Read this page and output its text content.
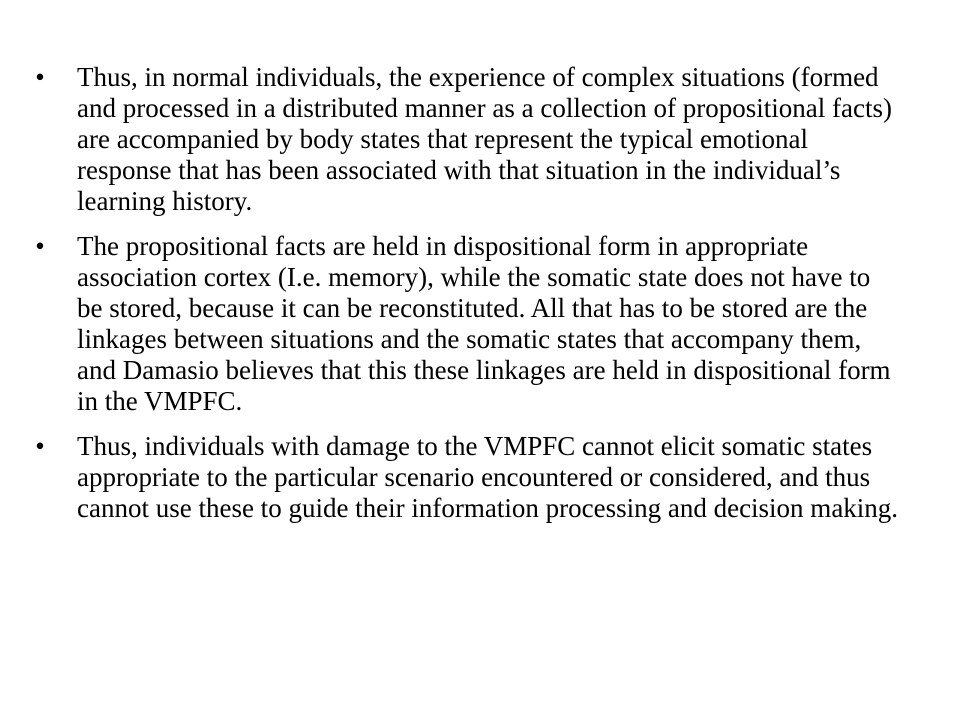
• Thus, in normal individuals, the experience of complex situations (formed and processed in a distributed manner as a collection of propositional facts) are accompanied by body states that represent the typical emotional response that has been associated with that situation in the individual’s learning history.
• The propositional facts are held in dispositional form in appropriate association cortex (I.e. memory), while the somatic state does not have to be stored, because it can be reconstituted. All that has to be stored are the linkages between situations and the somatic states that accompany them, and Damasio believes that this these linkages are held in dispositional form in the VMPFC.
• Thus, individuals with damage to the VMPFC cannot elicit somatic states appropriate to the particular scenario encountered or considered, and thus cannot use these to guide their information processing and decision making.
